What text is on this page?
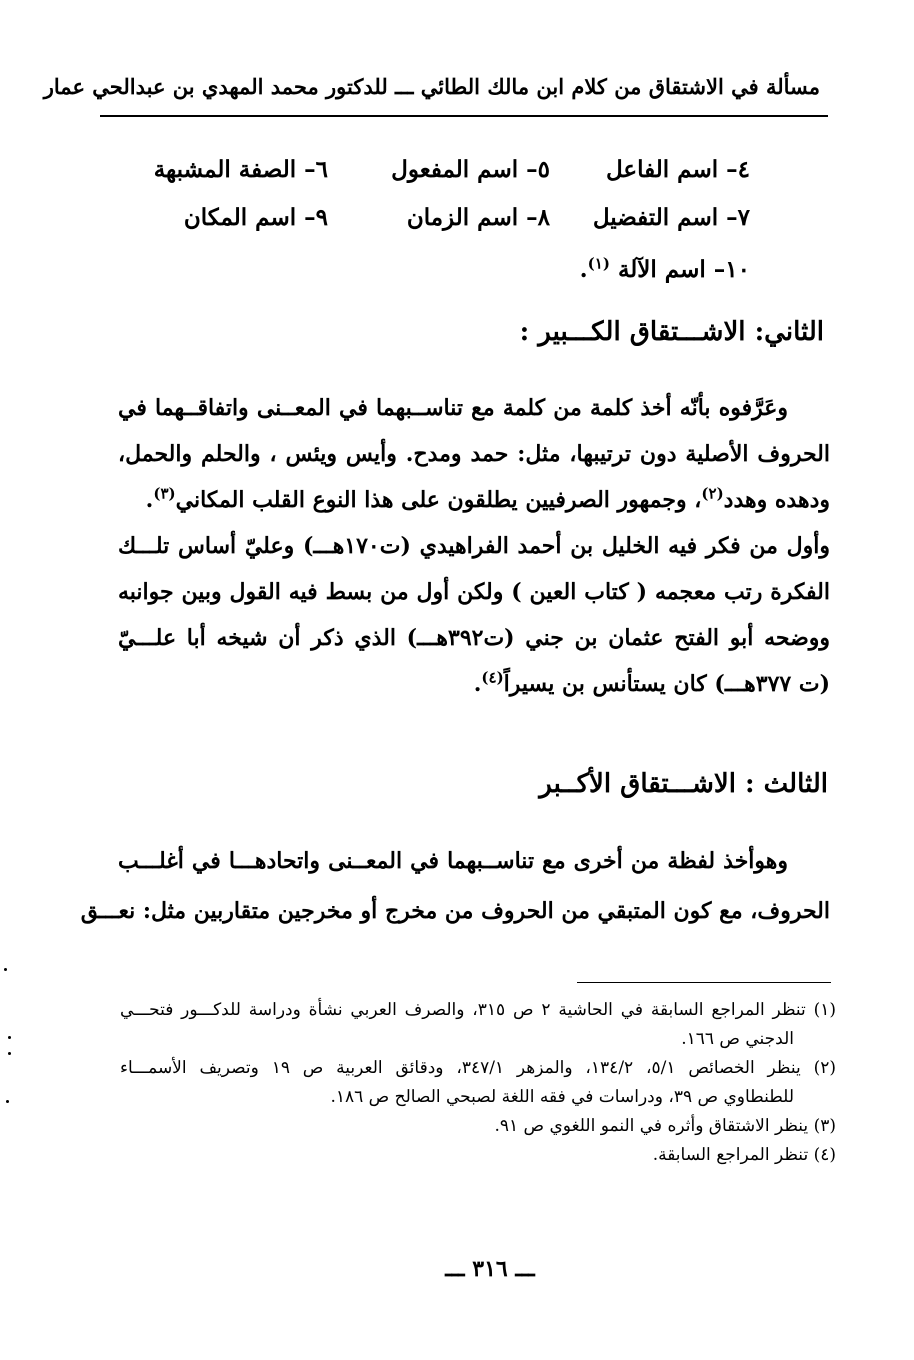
مسألة في الاشتقاق من كلام ابن مالك الطائي ـــ للدكتور محمد المهدي بن عبدالحي عمار
٤– اسم الفاعل
٥– اسم المفعول
٦– الصفة المشبهة
٧– اسم التفضيل
٨– اسم الزمان
٩– اسم المكان
١٠– اسم الآلة $^{(١)}$.
الثاني: الاشـــتقاق الكـــبير :
وعَرَّفوه بأنّه أخذ كلمة من كلمة مع تناســبهما في المعــنى واتفاقــهما في
الحروف الأصلية دون ترتيبها، مثل: حمد ومدح. وأيس ويئس ، والحلم والحمل،
ودهده وهدد$^{(٢)}$، وجمهور الصرفيين يطلقون على هذا النوع القلب المكاني$^{(٣)}$.
وأول من فكر فيه الخليل بن أحمد الفراهيدي (ت١٧٠هـــ) وعليّ أساس تلـــك
الفكرة رتب معجمه ( كتاب العين ) ولكن أول من بسط فيه القول وبين جوانبه
ووضحه أبو الفتح عثمان بن جني (ت٣٩٢هـــ) الذي ذكر أن شيخه أبا علـــيّ
(ت ٣٧٧هـــ) كان يستأنس بن يسيراً$^{(٤)}$.
الثالث : الاشـــتقاق الأكــبر
وهوأخذ لفظة من أخرى مع تناســبهما في المعــنى واتحادهـــا في أغلـــب
الحروف، مع كون المتبقي من الحروف من مخرج أو مخرجين متقاربين مثل: نعـــق
(١) تنظر المراجع السابقة في الحاشية ٢ ص ٣١٥، والصرف العربي نشأة ودراسة للدكـــور فتحـــي
الدجني ص ١٦٦.
(٢) ينظر الخصائص ٥/١، ١٣٤/٢، والمزهر ٣٤٧/١، ودقائق العربية ص ١٩ وتصريف الأسمـــاء
للطنطاوي ص ٣٩، ودراسات في فقه اللغة لصبحي الصالح ص ١٨٦.
(٣) ينظر الاشتقاق وأثره في النمو اللغوي ص ٩١.
(٤) تنظر المراجع السابقة.
ـــ ٣١٦ ـــ
